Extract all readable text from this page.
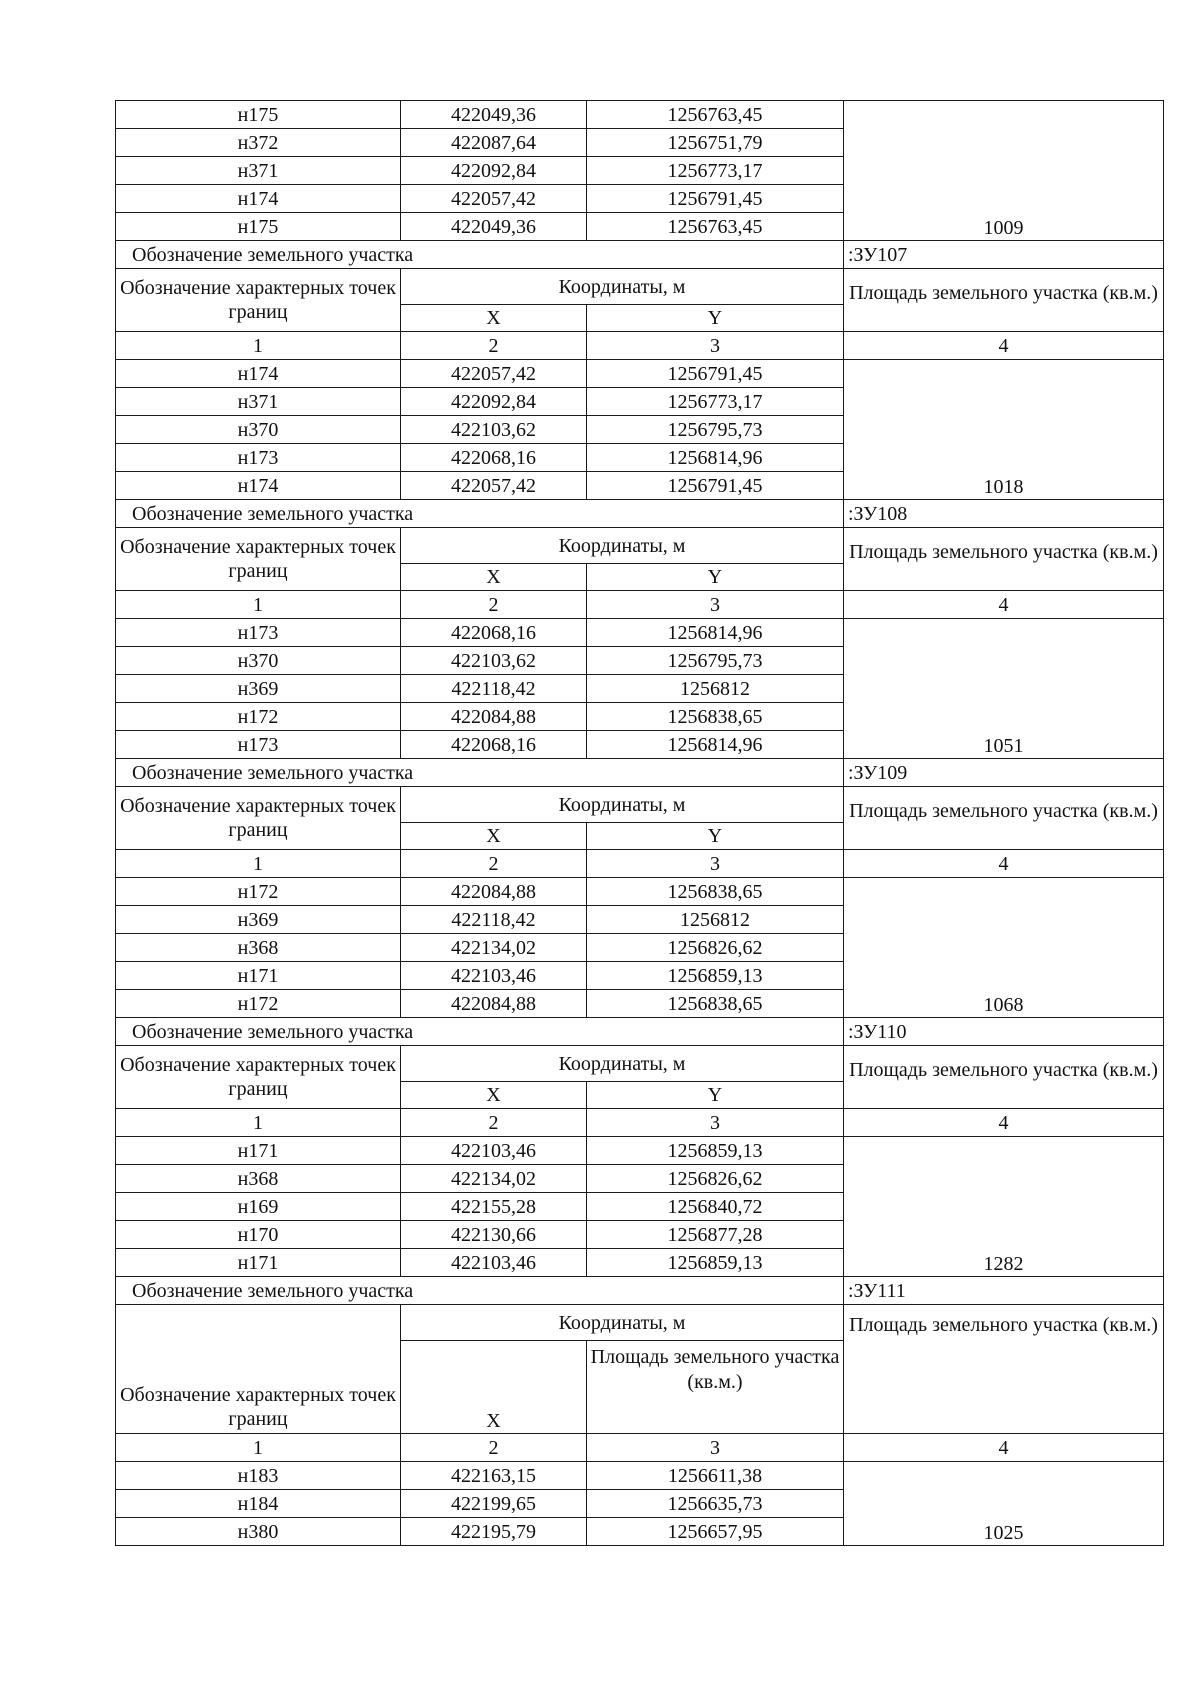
н175	422049,36	1256763,45	1009
н372	422087,64	1256751,79	
н371	422092,84	1256773,17	
н174	422057,42	1256791,45	
н175	422049,36	1256763,45	
Обозначение земельного участка			:ЗУ107
Обозначение характерных точек границ	Координаты, м		Площадь земельного участка (кв.м.)
	X	Y	
1	2	3	4
н174	422057,42	1256791,45	1018
н371	422092,84	1256773,17	
н370	422103,62	1256795,73	
н173	422068,16	1256814,96	
н174	422057,42	1256791,45	
Обозначение земельного участка			:ЗУ108
Обозначение характерных точек границ	Координаты, м		Площадь земельного участка (кв.м.)
	X	Y	
1	2	3	4
н173	422068,16	1256814,96	1051
н370	422103,62	1256795,73	
н369	422118,42	1256812	
н172	422084,88	1256838,65	
н173	422068,16	1256814,96	
Обозначение земельного участка			:ЗУ109
Обозначение характерных точек границ	Координаты, м		Площадь земельного участка (кв.м.)
	X	Y	
1	2	3	4
н172	422084,88	1256838,65	1068
н369	422118,42	1256812	
н368	422134,02	1256826,62	
н171	422103,46	1256859,13	
н172	422084,88	1256838,65	
Обозначение земельного участка			:ЗУ110
Обозначение характерных точек границ	Координаты, м		Площадь земельного участка (кв.м.)
	X	Y	
1	2	3	4
н171	422103,46	1256859,13	1282
н368	422134,02	1256826,62	
н169	422155,28	1256840,72	
н170	422130,66	1256877,28	
н171	422103,46	1256859,13	
Обозначение земельного участка			:ЗУ111
Обозначение характерных точек границ	Координаты, м		Площадь земельного участка (кв.м.)
	X	Площадь земельного участка (кв.м.)	
1	2	3	4
н183	422163,15	1256611,38	1025
н184	422199,65	1256635,73	
н380	422195,79	1256657,95	
